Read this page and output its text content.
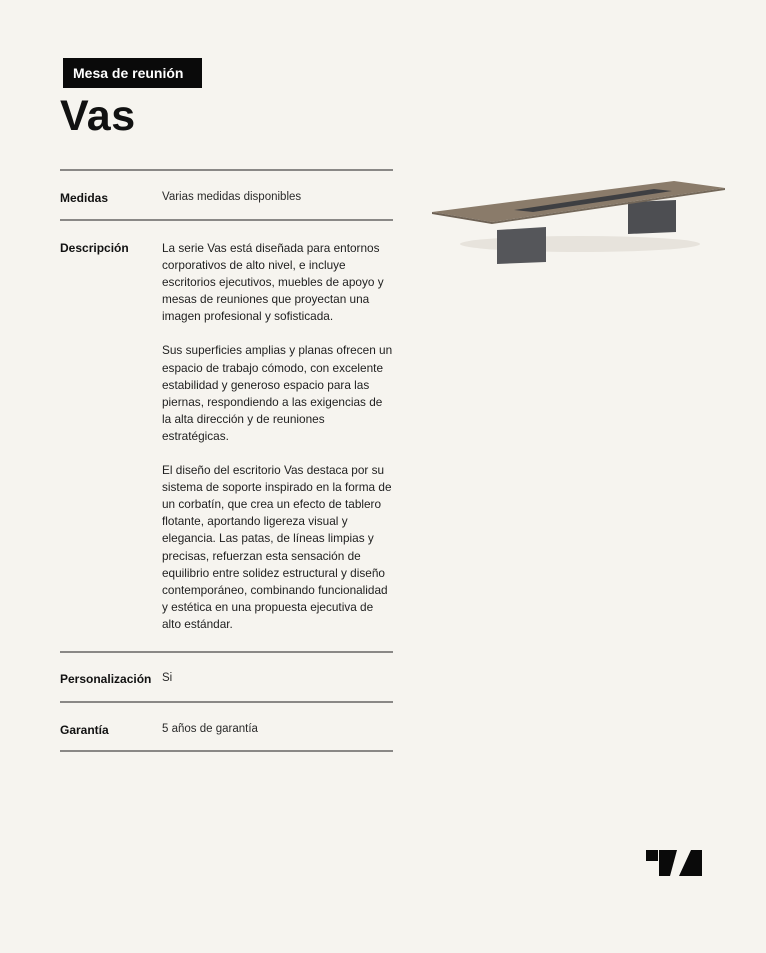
Mesa de reunión
Vas
Medidas	Varias medidas disponibles
Descripción	La serie Vas está diseñada para entornos corporativos de alto nivel, e incluye escritorios ejecutivos, muebles de apoyo y mesas de reuniones que proyectan una imagen profesional y sofisticada.

Sus superficies amplias y planas ofrecen un espacio de trabajo cómodo, con excelente estabilidad y generoso espacio para las piernas, respondiendo a las exigencias de la alta dirección y de reuniones estratégicas.

El diseño del escritorio Vas destaca por su sistema de soporte inspirado en la forma de un corbatín, que crea un efecto de tablero flotante, aportando ligereza visual y elegancia. Las patas, de líneas limpias y precisas, refuerzan esta sensación de equilibrio entre solidez estructural y diseño contemporáneo, combinando funcionalidad y estética en una propuesta ejecutiva de alto estándar.

Personalización Si
Garantía	5 años de garantía
